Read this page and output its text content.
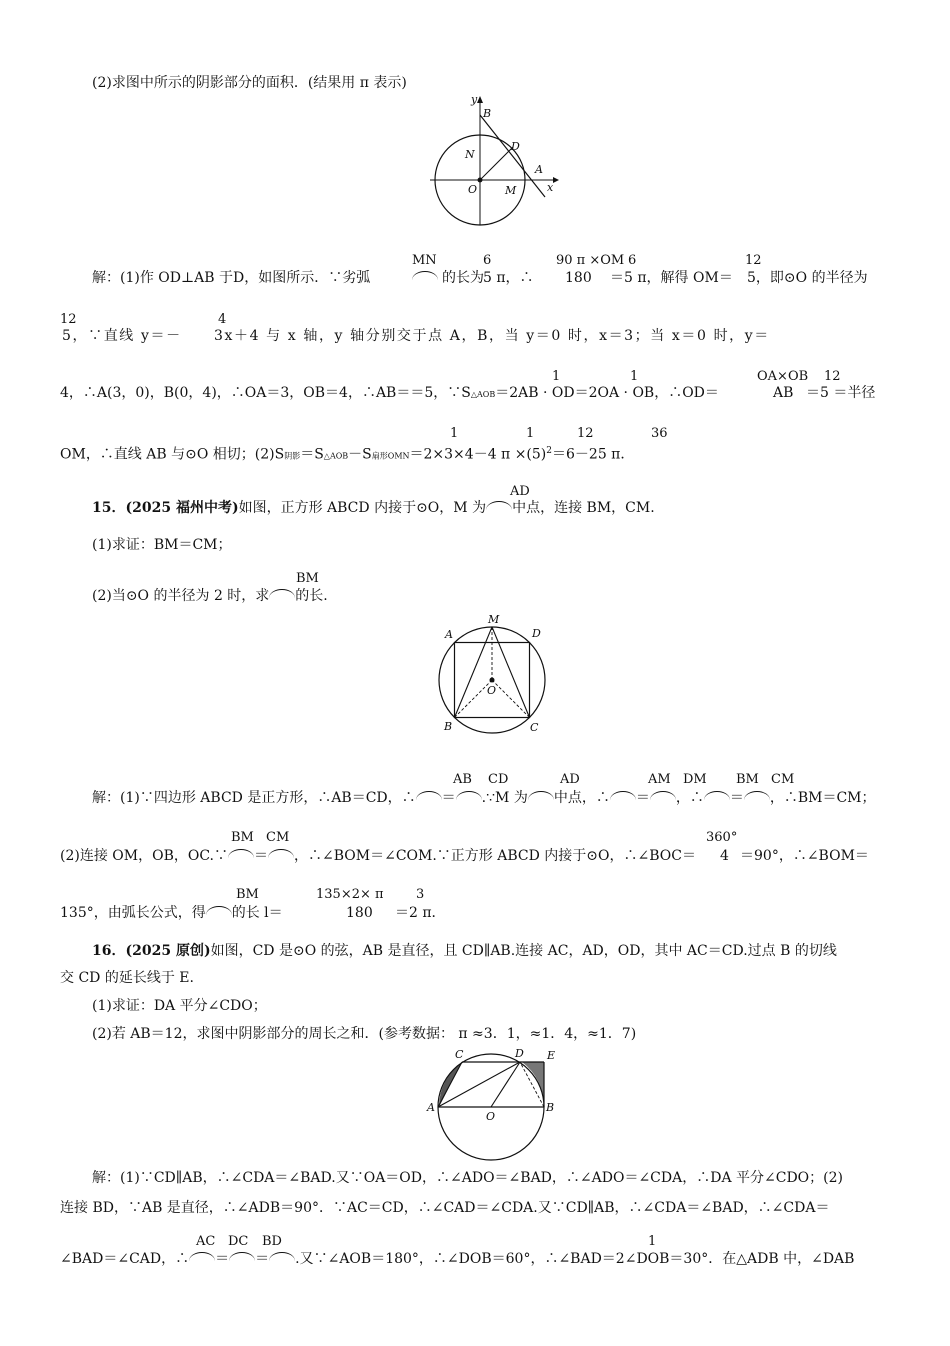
(2)求图中所示的阴影部分的面积．(结果用 π 表示)
y
B
D
N
A
O	M	x
MN	6	90 π ×OM 6	12
解：(1)作 OD⊥AB 于D，如图所示．∵劣弧	的长为 5 π，∴ 180 ＝ 5 π，解得 OM＝ 5，即⊙O 的半径为
12	4
5，∵直线 y＝－ 3x＋4 与 x 轴，y 轴分别交于点 A，B，当 y＝0 时，x＝3；当 x＝0 时，y＝
1	1	OA×OB 12
4，∴A(3，0)，B(0，4)，∴OA＝3，OB＝4，∴AB＝＝5，∵S△AOB＝2AB · OD＝2OA · OB，∴OD＝	AB ＝5 ＝半径
1	1	12	36
OM，∴直线 AB 与⊙O 相切；(2)S阴影＝S△AOB－S扇形OMN＝2×3×4－4 $\pi \times(5)^2=6-25$ π．
AD
15．(2025 福州中考)如图，正方形 ABCD 内接于⊙O，M 为 中点，连接 BM，CM.
(1)求证：BM＝CM；
BM
(2)当⊙O 的半径为 2 时，求 的长.
A
M
D
O
B	C
AB CD	AD	AM DM BM CM
解：(1)∵四边形 ABCD 是正方形，∴AB＝CD，∴ ＝ .∵M 为 中点，∴ ＝ ，∴ ＝ ，∴BM＝CM；
BM CM	360°
(2)连接 OM，OB，OC.∵ ＝ ，∴∠BOM＝∠COM.∵正方形 ABCD 内接于⊙O，∴∠BOC＝ 4 ＝90°，∴∠BOM＝
BM	135×2× π 3
135°，由弧长公式，得 的长 l＝	180 ＝2 π．
16．(2025 原创)如图，CD 是⊙O 的弦，AB 是直径，且 CD∥AB.连接 AC，AD，OD，其中 AC＝CD.过点 B 的切线
交 CD 的延长线于 E.
(1)求证：DA 平分∠CDO；
(2)若 AB＝12，求图中阴影部分的周长之和．(参考数据： π ≈3．1，≈1．4，≈1．7)
C	D E
A
O
B
解：(1)∵CD∥AB，∴∠CDA＝∠BAD.又∵OA＝OD，∴∠ADO＝∠BAD，∴∠ADO＝∠CDA，∴DA 平分∠CDO；(2)
连接 BD，∵AB 是直径，∴∠ADB＝90°．∵AC＝CD，∴∠CAD＝∠CDA.又∵CD∥AB，∴∠CDA＝∠BAD，∴∠CDA＝
AC DC BD	1
∠BAD＝∠CAD，∴ ＝ ＝ .又∵∠AOB＝180°，∴∠DOB＝60°，∴∠BAD＝2∠DOB＝30°．在△ADB 中，∠DAB
